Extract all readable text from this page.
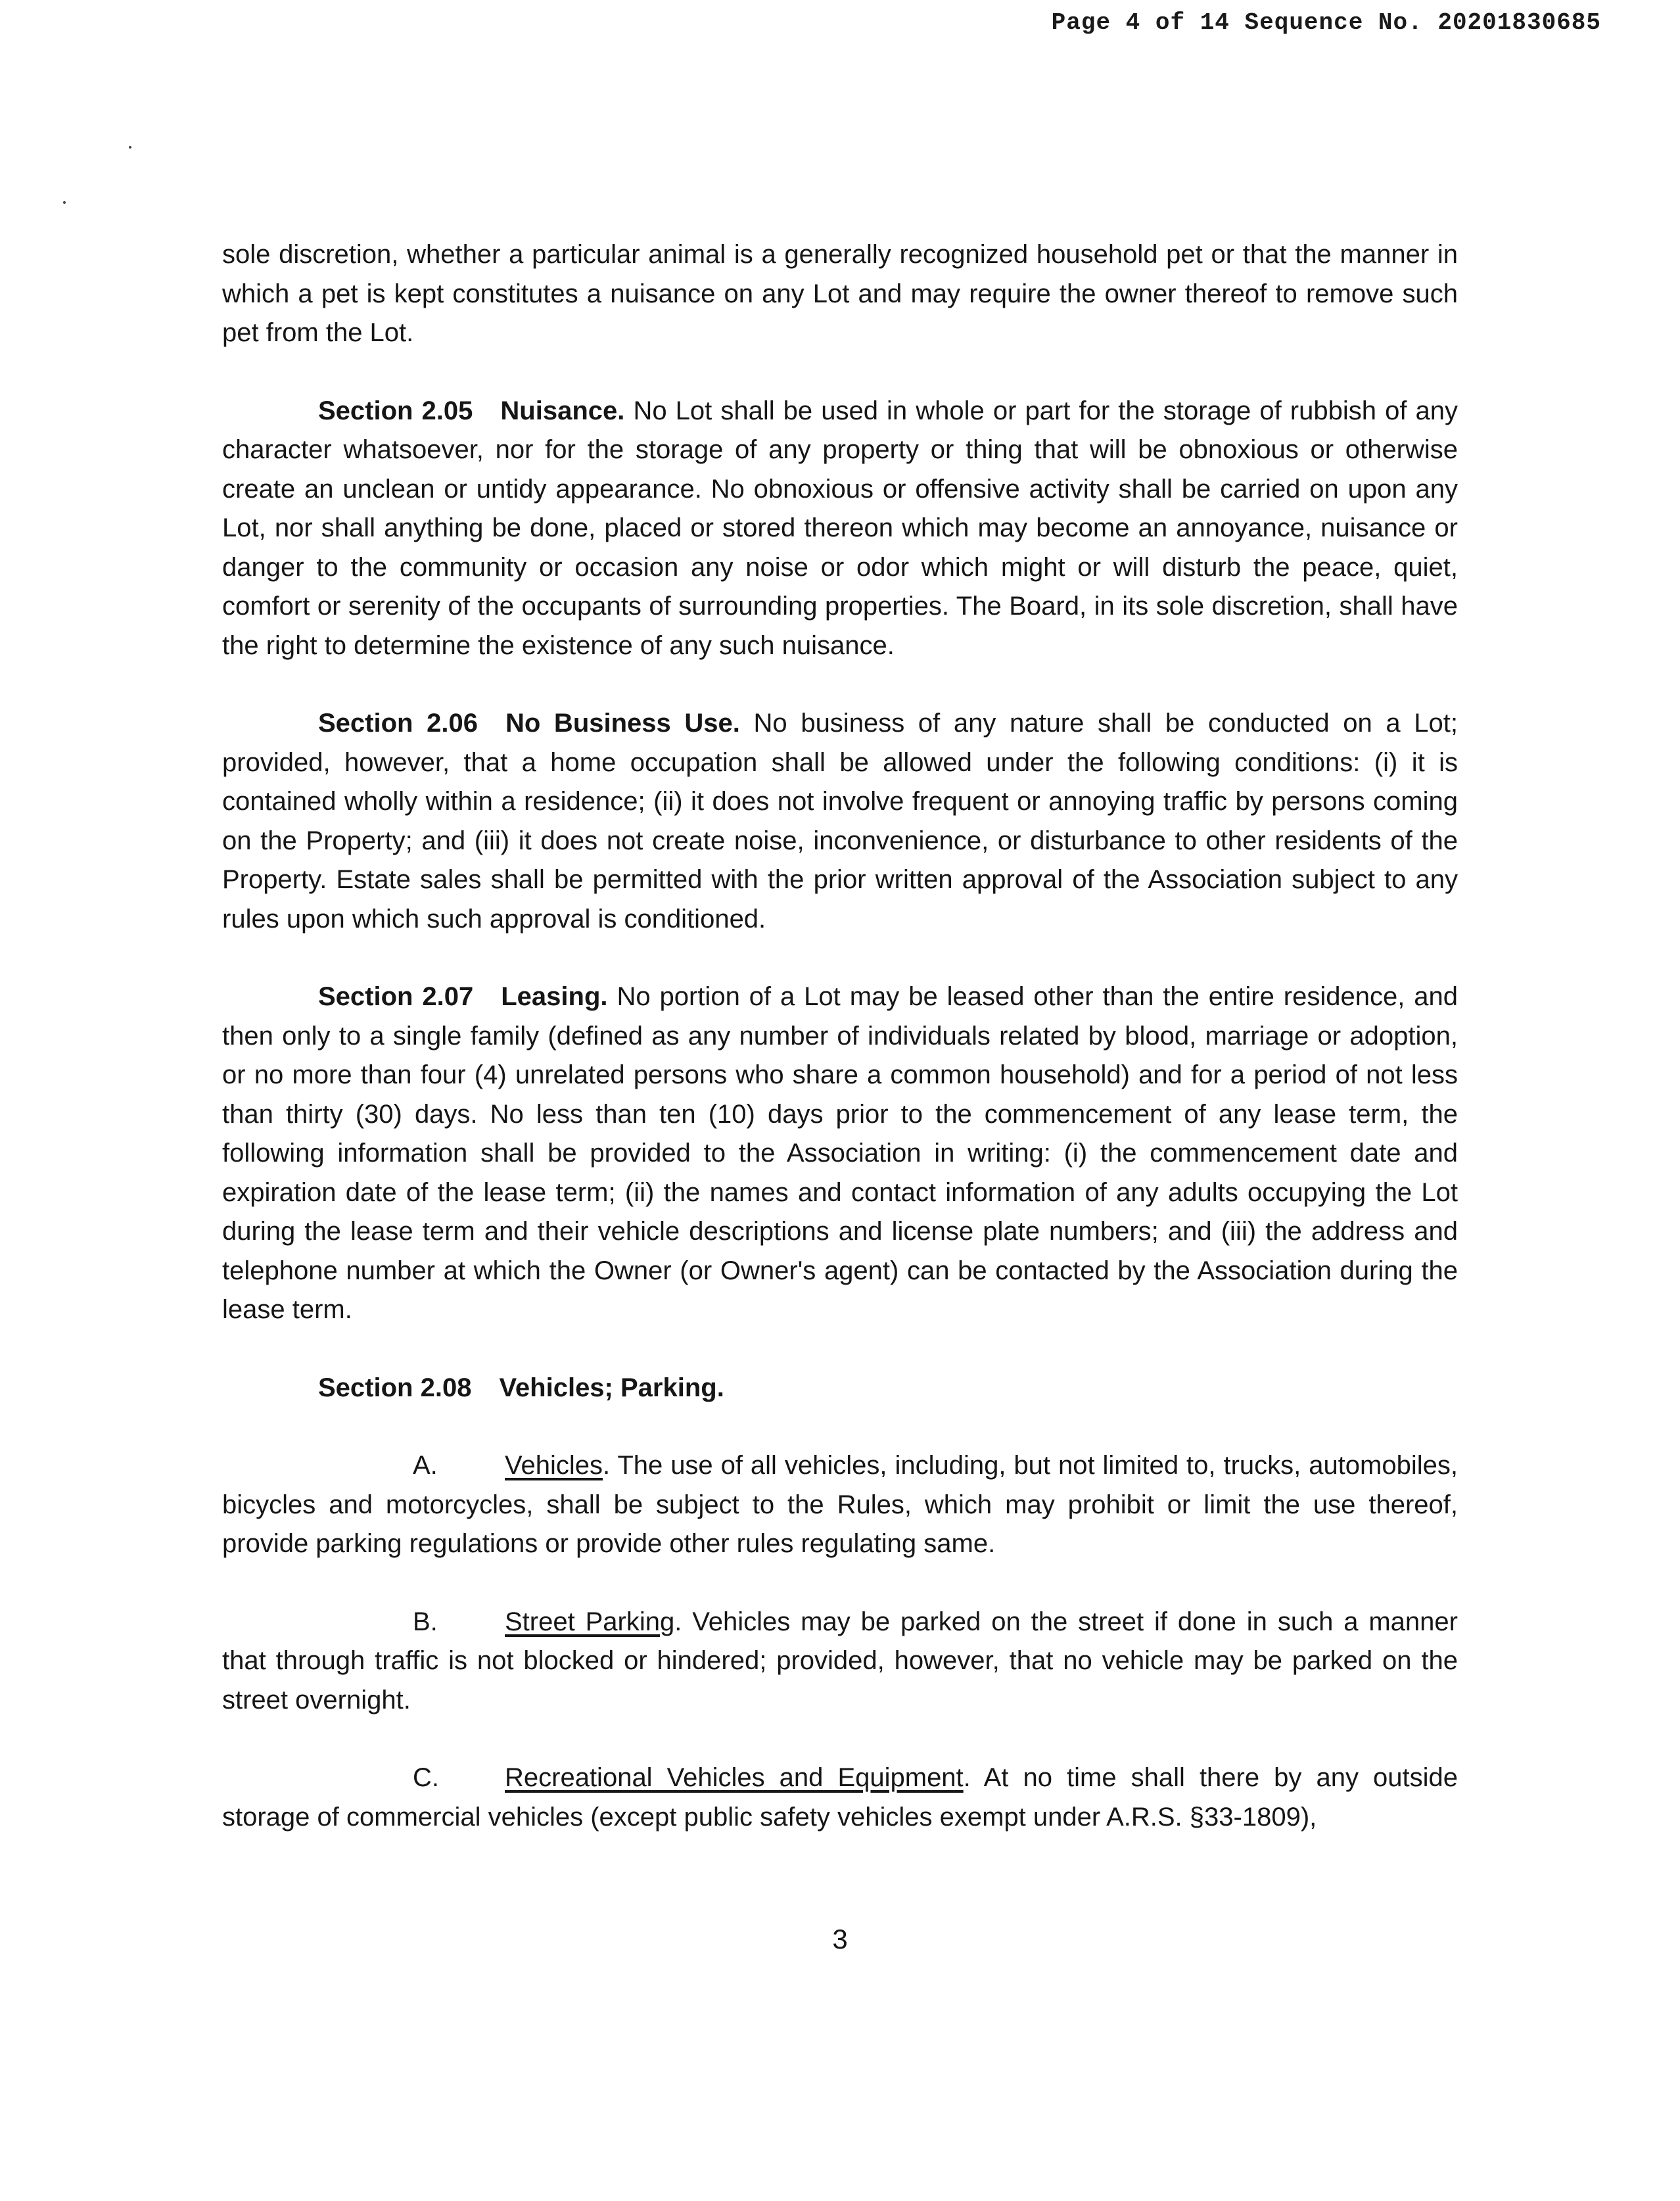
Page 4 of 14 Sequence No. 20201830685

sole discretion, whether a particular animal is a generally recognized household pet or that the manner in which a pet is kept constitutes a nuisance on any Lot and may require the owner thereof to remove such pet from the Lot.

Section 2.05 Nuisance. No Lot shall be used in whole or part for the storage of rubbish of any character whatsoever, nor for the storage of any property or thing that will be obnoxious or otherwise create an unclean or untidy appearance. No obnoxious or offensive activity shall be carried on upon any Lot, nor shall anything be done, placed or stored thereon which may become an annoyance, nuisance or danger to the community or occasion any noise or odor which might or will disturb the peace, quiet, comfort or serenity of the occupants of surrounding properties. The Board, in its sole discretion, shall have the right to determine the existence of any such nuisance.

Section 2.06 No Business Use. No business of any nature shall be conducted on a Lot; provided, however, that a home occupation shall be allowed under the following conditions: (i) it is contained wholly within a residence; (ii) it does not involve frequent or annoying traffic by persons coming on the Property; and (iii) it does not create noise, inconvenience, or disturbance to other residents of the Property. Estate sales shall be permitted with the prior written approval of the Association subject to any rules upon which such approval is conditioned.

Section 2.07 Leasing. No portion of a Lot may be leased other than the entire residence, and then only to a single family (defined as any number of individuals related by blood, marriage or adoption, or no more than four (4) unrelated persons who share a common household) and for a period of not less than thirty (30) days. No less than ten (10) days prior to the commencement of any lease term, the following information shall be provided to the Association in writing: (i) the commencement date and expiration date of the lease term; (ii) the names and contact information of any adults occupying the Lot during the lease term and their vehicle descriptions and license plate numbers; and (iii) the address and telephone number at which the Owner (or Owner's agent) can be contacted by the Association during the lease term.

Section 2.08 Vehicles; Parking.

A.	Vehicles. The use of all vehicles, including, but not limited to, trucks, automobiles, bicycles and motorcycles, shall be subject to the Rules, which may prohibit or limit the use thereof, provide parking regulations or provide other rules regulating same.

B.	Street Parking. Vehicles may be parked on the street if done in such a manner that through traffic is not blocked or hindered; provided, however, that no vehicle may be parked on the street overnight.

C.	Recreational Vehicles and Equipment. At no time shall there by any outside storage of commercial vehicles (except public safety vehicles exempt under A.R.S. §33-1809),

3
